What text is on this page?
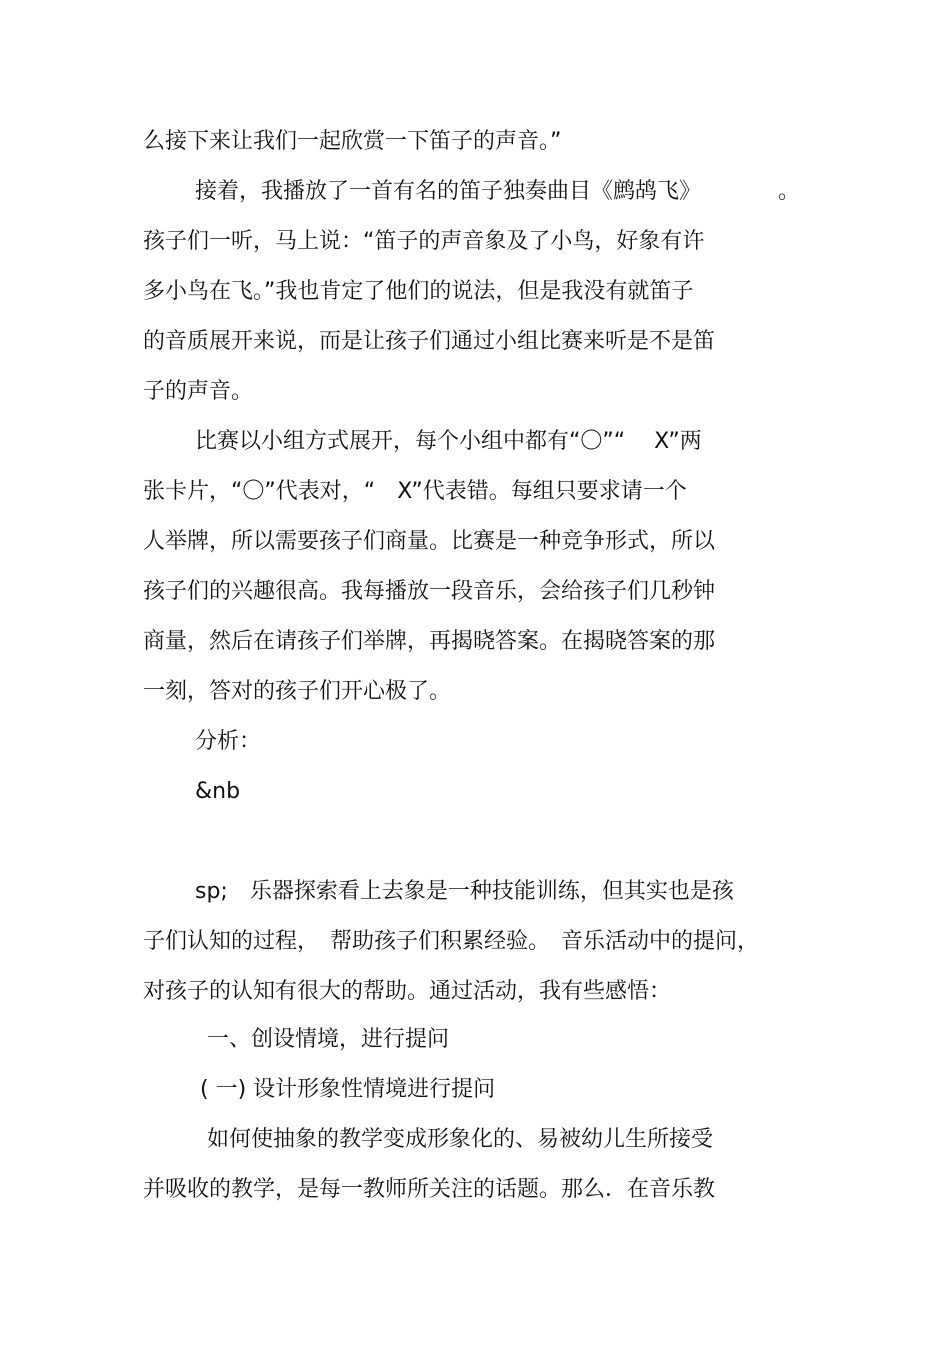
么接下来让我们一起欣赏一下笛子的声音。”
接着，我播放了一首有名的笛子独奏曲目《鹧鸪飞》	。
孩子们一听，马上说：“笛子的声音象及了小鸟，好象有许
多小鸟在飞。”我也肯定了他们的说法，但是我没有就笛子
的音质展开来说，而是让孩子们通过小组比赛来听是不是笛
子的声音。
比赛以小组方式展开，每个小组中都有“〇”“　 X”两
张卡片，“〇”代表对，“　X”代表错。每组只要求请一个
人举牌，所以需要孩子们商量。比赛是一种竞争形式，所以
孩子们的兴趣很高。我每播放一段音乐，会给孩子们几秒钟
商量，然后在请孩子们举牌，再揭晓答案。在揭晓答案的那
一刻，答对的孩子们开心极了。
分析：
&nb
sp;　乐器探索看上去象是一种技能训练，但其实也是孩
子们认知的过程，　帮助孩子们积累经验。　音乐活动中的提问，
对孩子的认知有很大的帮助。通过活动，我有些感悟：
一、创设情境，进行提问
( 一) 设计形象性情境进行提问
如何使抽象的教学变成形象化的、易被幼儿生所接受
并吸收的教学，是每一教师所关注的话题。那么．在音乐教
